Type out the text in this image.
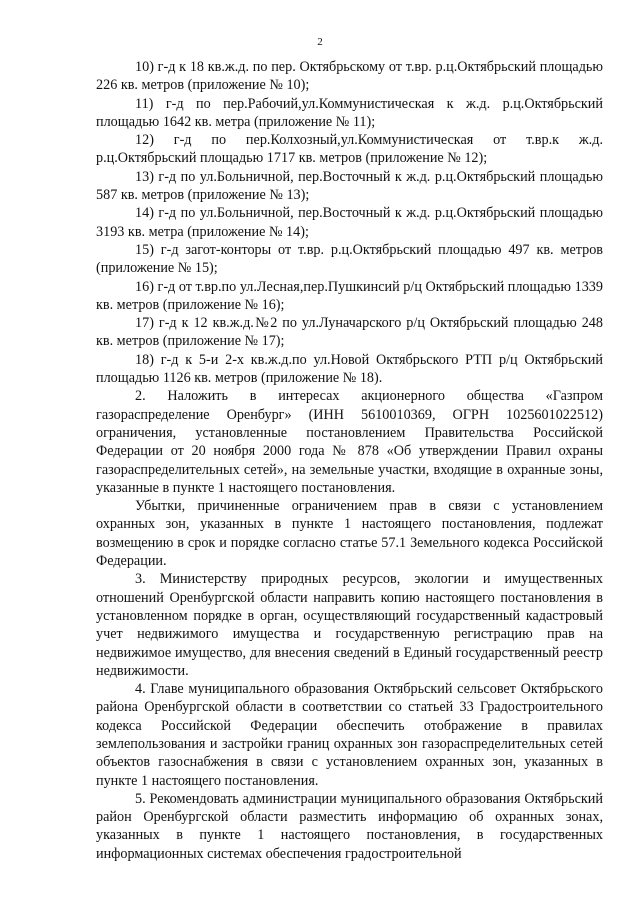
2

10) г-д к 18 кв.ж.д. по пер. Октябрьскому от т.вр. р.ц.Октябрьский площадью 226 кв. метров (приложение № 10);

11) г-д по пер.Рабочий,ул.Коммунистическая к ж.д. р.ц.Октябрьский площадью 1642 кв. метра (приложение № 11);

12) г-д по пер.Колхозный,ул.Коммунистическая от т.вр.к ж.д. р.ц.Октябрьский площадью 1717 кв. метров (приложение № 12);

13) г-д по ул.Больничной, пер.Восточный к ж.д. р.ц.Октябрьский площадью 587 кв. метров (приложение № 13);

14) г-д по ул.Больничной, пер.Восточный к ж.д. р.ц.Октябрьский площадью 3193 кв. метра (приложение № 14);

15) г-д загот-конторы от т.вр. р.ц.Октябрьский площадью 497 кв. метров (приложение № 15);

16) г-д от т.вр.по ул.Лесная,пер.Пушкинсий р/ц Октябрьский площадью 1339 кв. метров (приложение № 16);

17) г-д к 12 кв.ж.д.№2 по ул.Луначарского р/ц Октябрьский площадью 248 кв. метров (приложение № 17);

18) г-д к 5-и 2-х кв.ж.д.по ул.Новой Октябрьского РТП р/ц Октябрьский площадью 1126 кв. метров (приложение № 18).

2. Наложить в интересах акционерного общества «Газпром газораспределение Оренбург» (ИНН 5610010369, ОГРН 1025601022512) ограничения, установленные постановлением Правительства Российской Федерации от 20 ноября 2000 года № 878 «Об утверждении Правил охраны газораспределительных сетей», на земельные участки, входящие в охранные зоны, указанные в пункте 1 настоящего постановления.

Убытки, причиненные ограничением прав в связи с установлением охранных зон, указанных в пункте 1 настоящего постановления, подлежат возмещению в срок и порядке согласно статье 57.1 Земельного кодекса Российской Федерации.

3. Министерству природных ресурсов, экологии и имущественных отношений Оренбургской области направить копию настоящего постановления в установленном порядке в орган, осуществляющий государственный кадастровый учет недвижимого имущества и государственную регистрацию прав на недвижимое имущество, для внесения сведений в Единый государственный реестр недвижимости.

4. Главе муниципального образования Октябрьский сельсовет Октябрьского района Оренбургской области в соответствии со статьей 33 Градостроительного кодекса Российской Федерации обеспечить отображение в правилах землепользования и застройки границ охранных зон газораспределительных сетей объектов газоснабжения в связи с установлением охранных зон, указанных в пункте 1 настоящего постановления.

5. Рекомендовать администрации муниципального образования Октябрьский район Оренбургской области разместить информацию об охранных зонах, указанных в пункте 1 настоящего постановления, в государственных информационных системах обеспечения градостроительной
